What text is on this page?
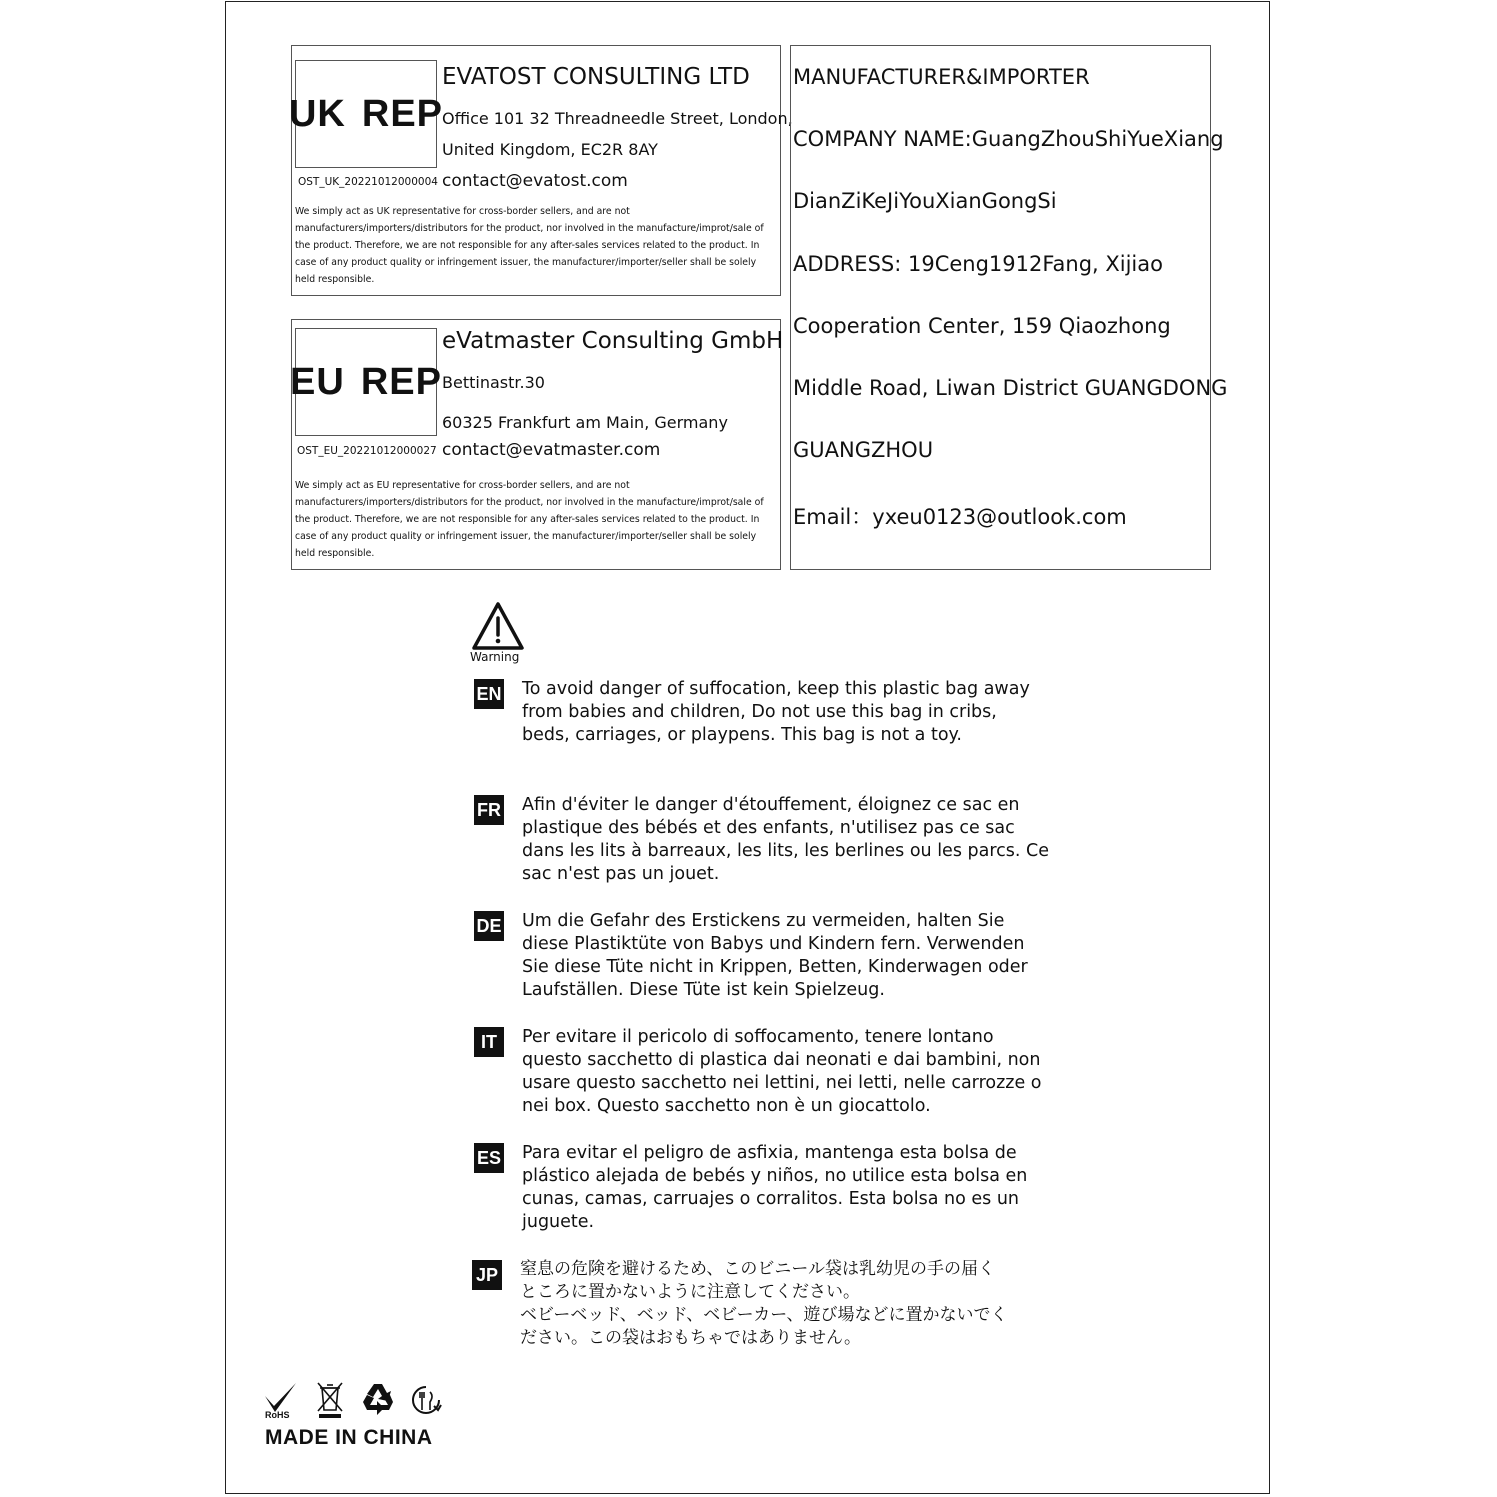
UK REP
EVATOST CONSULTING LTD
Office 101 32 Threadneedle Street, London,
United Kingdom, EC2R 8AY
OST_UK_20221012000004 contact@evatost.com
We simply act as UK representative for cross-border sellers, and are not manufacturers/importers/distributors for the product, nor involved in the manufacture/improt/sale of the product. Therefore, we are not responsible for any after-sales services related to the product. In case of any product quality or infringement issuer, the manufacturer/importer/seller shall be solely held responsible.
EU REP
eVatmaster Consulting GmbH
Bettinastr.30
60325 Frankfurt am Main, Germany
OST_EU_20221012000027 contact@evatmaster.com
We simply act as EU representative for cross-border sellers, and are not manufacturers/importers/distributors for the product, nor involved in the manufacture/improt/sale of the product. Therefore, we are not responsible for any after-sales services related to the product. In case of any product quality or infringement issuer, the manufacturer/importer/seller shall be solely held responsible.
MANUFACTURER&IMPORTER
COMPANY NAME:GuangZhouShiYueXiang
DianZiKeJiYouXianGongSi
ADDRESS: 19Ceng1912Fang, Xijiao
Cooperation Center, 159 Qiaozhong
Middle Road, Liwan District GUANGDONG
GUANGZHOU
Email：yxeu0123@outlook.com
Warning
EN To avoid danger of suffocation, keep this plastic bag away
from babies and children, Do not use this bag in cribs,
beds, carriages, or playpens. This bag is not a toy.
FR Afin d'éviter le danger d'étouffement, éloignez ce sac en
plastique des bébés et des enfants, n'utilisez pas ce sac
dans les lits à barreaux, les lits, les berlines ou les parcs. Ce
sac n'est pas un jouet.
DE Um die Gefahr des Erstickens zu vermeiden, halten Sie
diese Plastiktüte von Babys und Kindern fern. Verwenden
Sie diese Tüte nicht in Krippen, Betten, Kinderwagen oder
Laufställen. Diese Tüte ist kein Spielzeug.
IT	Per evitare il pericolo di soffocamento, tenere lontano
questo sacchetto di plastica dai neonati e dai bambini, non
usare questo sacchetto nei lettini, nei letti, nelle carrozze o
nei box. Questo sacchetto non è un giocattolo.
ES Para evitar el peligro de asfixia, mantenga esta bolsa de
plástico alejada de bebés y niños, no utilice esta bolsa en
cunas, camas, carruajes o corralitos. Esta bolsa no es un
juguete.
JP 窒息の危険を避けるため、このビニール袋は乳幼児の手の届く
ところに置かないように注意してください。
ベビーベッド、ベッド、ベビーカー、遊び場などに置かないでく
ださい。この袋はおもちゃではありません。
RoHS
MADE IN CHINA
